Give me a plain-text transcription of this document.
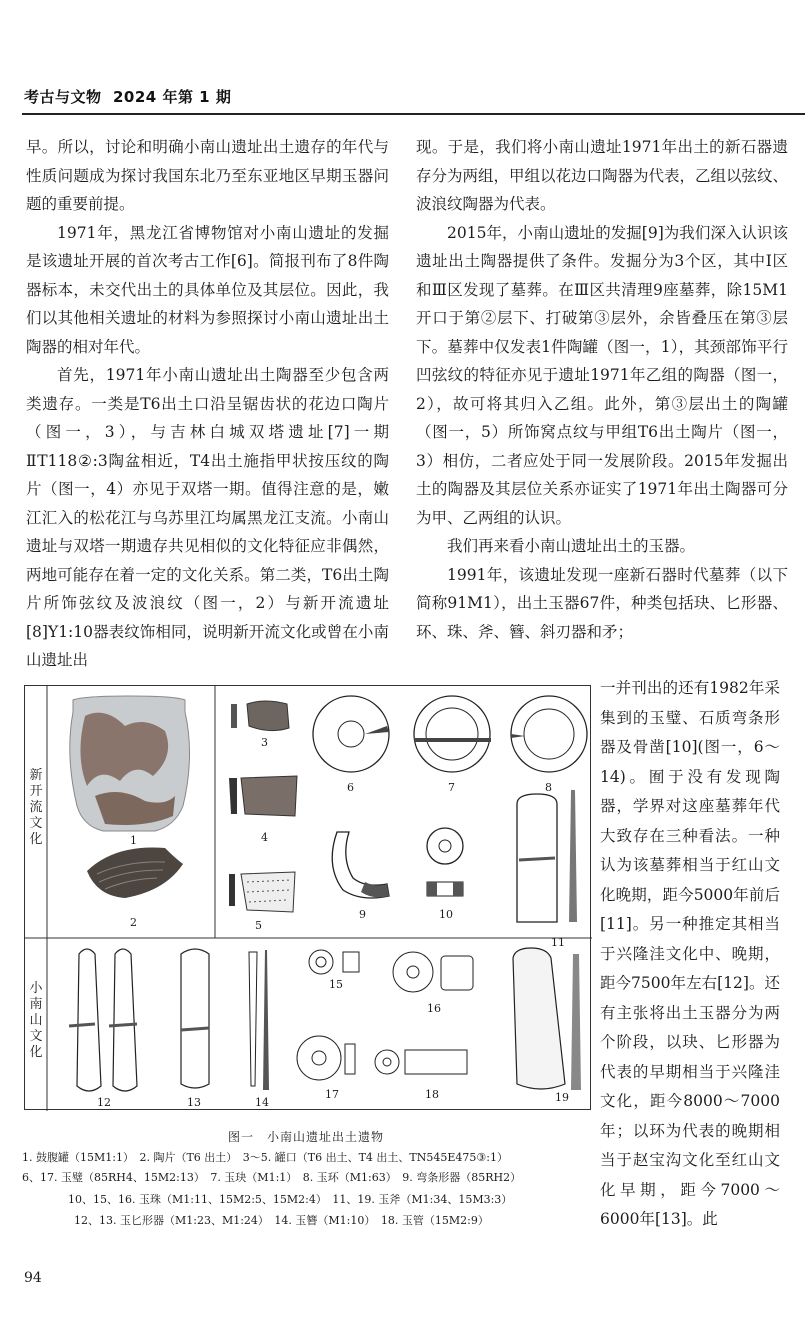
考古与文物 2024 年第 1 期

早。所以，讨论和明确小南山遗址出土遗存的年代与性质问题成为探讨我国东北乃至东亚地区早期玉器问题的重要前提。

1971年，黑龙江省博物馆对小南山遗址的发掘是该遗址开展的首次考古工作[6]。简报刊布了8件陶器标本，未交代出土的具体单位及其层位。因此，我们以其他相关遗址的材料为参照探讨小南山遗址出土陶器的相对年代。

首先，1971年小南山遗址出土陶器至少包含两类遗存。一类是T6出土口沿呈锯齿状的花边口陶片（图一，3），与吉林白城双塔遗址[7]一期ⅡT118②:3陶盆相近，T4出土施指甲状按压纹的陶片（图一，4）亦见于双塔一期。值得注意的是，嫩江汇入的松花江与乌苏里江均属黑龙江支流。小南山遗址与双塔一期遗存共见相似的文化特征应非偶然，两地可能存在着一定的文化关系。第二类，T6出土陶片所饰弦纹及波浪纹（图一，2）与新开流遗址[8]Y1:10器表纹饰相同，说明新开流文化或曾在小南山遗址出

现。于是，我们将小南山遗址1971年出土的新石器遗存分为两组，甲组以花边口陶器为代表，乙组以弦纹、波浪纹陶器为代表。

2015年，小南山遗址的发掘[9]为我们深入认识该遗址出土陶器提供了条件。发掘分为3个区，其中Ⅰ区和Ⅲ区发现了墓葬。在Ⅲ区共清理9座墓葬，除15M1开口于第②层下、打破第③层外，余皆叠压在第③层下。墓葬中仅发表1件陶罐（图一，1），其颈部饰平行凹弦纹的特征亦见于遗址1971年乙组的陶器（图一，2），故可将其归入乙组。此外，第③层出土的陶罐（图一，5）所饰窝点纹与甲组T6出土陶片（图一，3）相仿，二者应处于同一发展阶段。2015年发掘出土的陶器及其层位关系亦证实了1971年出土陶器可分为甲、乙两组的认识。

我们再来看小南山遗址出土的玉器。

1991年，该遗址发现一座新石器时代墓葬（以下简称91M1），出土玉器67件，种类包括玦、匕形器、环、珠、斧、簪、斜刃器和矛；

一并刊出的还有1982年采集到的玉璧、石质弯条形器及骨凿[10](图一，6～14)。囿于没有发现陶器，学界对这座墓葬年代大致存在三种看法。一种认为该墓葬相当于红山文化晚期，距今5000年前后[11]。另一种推定其相当于兴隆洼文化中、晚期，距今7500年左右[12]。还有主张将出土玉器分为两个阶段，以玦、匕形器为代表的早期相当于兴隆洼文化，距今8000～7000年；以环为代表的晚期相当于赵宝沟文化至红山文化早期，距今7000～6000年[13]。此

新开流文化
小南山文化
1
2
3
4
5
6	7	8
9	10
11
12	13	14
15
16
17	18	19
图一　小南山遗址出土遗物
1. 鼓腹罐（15M1:1）　2. 陶片（T6 出土）　3～5. 罐口（T6 出土、T4 出土、TN545E475③:1）
6、17. 玉璧（85RH4、15M2:13）　7. 玉玦（M1:1）　8. 玉环（M1:63）　9. 弯条形器（85RH2）
10、15、16. 玉珠（M1:11、15M2:5、15M2:4）　11、19. 玉斧（M1:34、15M3:3）
12、13. 玉匕形器（M1:23、M1:24）　14. 玉簪（M1:10）　18. 玉管（15M2:9）
94
